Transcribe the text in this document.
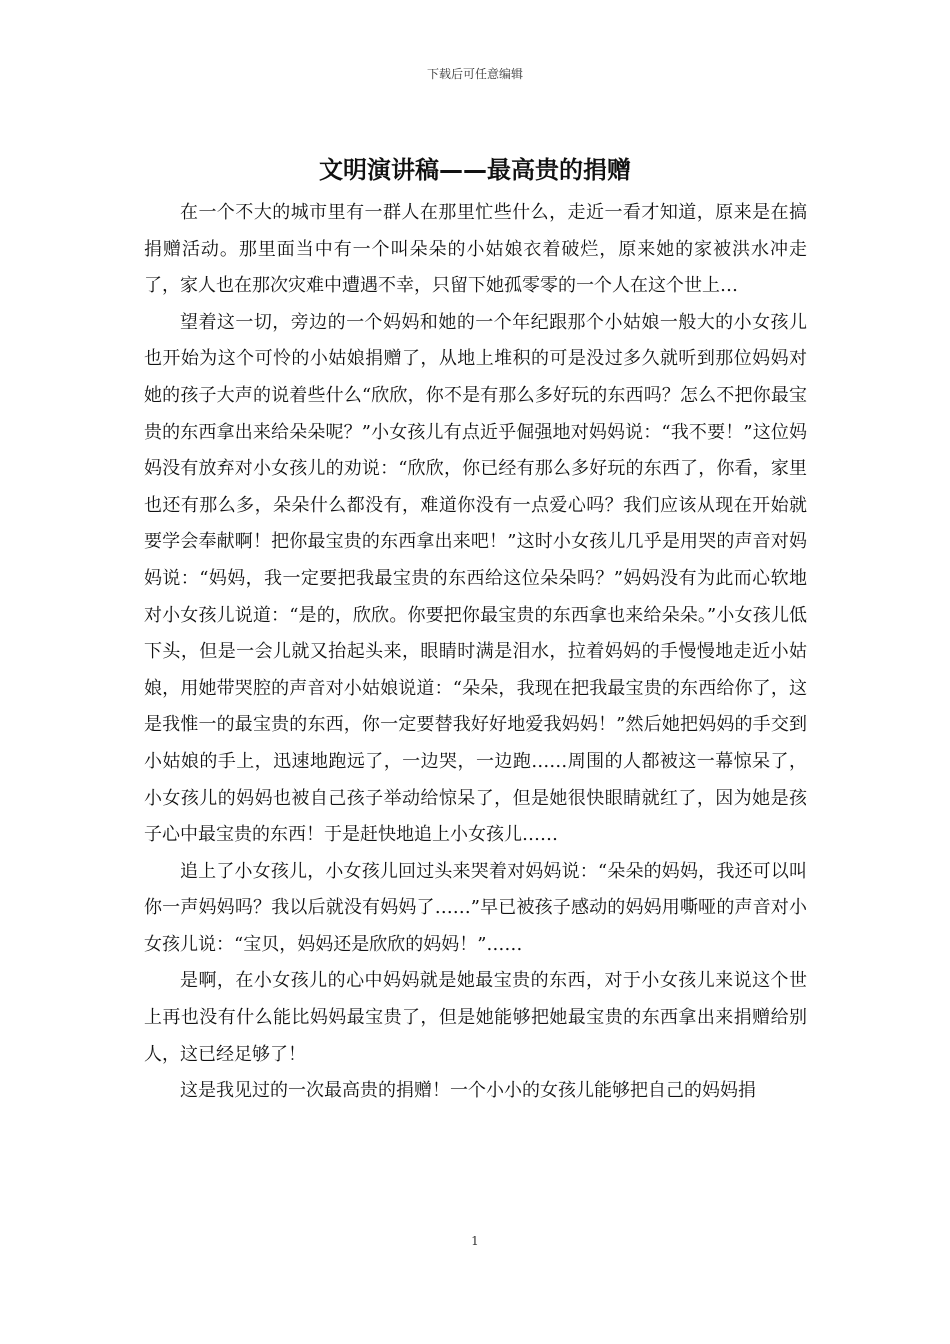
下载后可任意编辑
文明演讲稿——最高贵的捐赠

在一个不大的城市里有一群人在那里忙些什么，走近一看才知道，原来是在搞捐赠活动。那里面当中有一个叫朵朵的小姑娘衣着破烂，原来她的家被洪水冲走了，家人也在那次灾难中遭遇不幸，只留下她孤零零的一个人在这个世上…

望着这一切，旁边的一个妈妈和她的一个年纪跟那个小姑娘一般大的小女孩儿也开始为这个可怜的小姑娘捐赠了，从地上堆积的可是没过多久就听到那位妈妈对她的孩子大声的说着些什么“欣欣，你不是有那么多好玩的东西吗？怎么不把你最宝贵的东西拿出来给朵朵呢？”小女孩儿有点近乎倔强地对妈妈说：“我不要！”这位妈妈没有放弃对小女孩儿的劝说：“欣欣，你已经有那么多好玩的东西了，你看，家里也还有那么多，朵朵什么都没有，难道你没有一点爱心吗？我们应该从现在开始就要学会奉献啊！把你最宝贵的东西拿出来吧！”这时小女孩儿几乎是用哭的声音对妈妈说：“妈妈，我一定要把我最宝贵的东西给这位朵朵吗？”妈妈没有为此而心软地对小女孩儿说道：“是的，欣欣。你要把你最宝贵的东西拿也来给朵朵。”小女孩儿低下头，但是一会儿就又抬起头来，眼睛时满是泪水，拉着妈妈的手慢慢地走近小姑娘，用她带哭腔的声音对小姑娘说道：“朵朵，我现在把我最宝贵的东西给你了，这是我惟一的最宝贵的东西，你一定要替我好好地爱我妈妈！”然后她把妈妈的手交到小姑娘的手上，迅速地跑远了，一边哭，一边跑……周围的人都被这一幕惊呆了，小女孩儿的妈妈也被自己孩子举动给惊呆了，但是她很快眼睛就红了，因为她是孩子心中最宝贵的东西！于是赶快地追上小女孩儿……

追上了小女孩儿，小女孩儿回过头来哭着对妈妈说：“朵朵的妈妈，我还可以叫你一声妈妈吗？我以后就没有妈妈了……”早已被孩子感动的妈妈用嘶哑的声音对小女孩儿说：“宝贝，妈妈还是欣欣的妈妈！”……

是啊，在小女孩儿的心中妈妈就是她最宝贵的东西，对于小女孩儿来说这个世上再也没有什么能比妈妈最宝贵了，但是她能够把她最宝贵的东西拿出来捐赠给别人，这已经足够了！

这是我见过的一次最高贵的捐赠！一个小小的女孩儿能够把自己的妈妈捐

1
